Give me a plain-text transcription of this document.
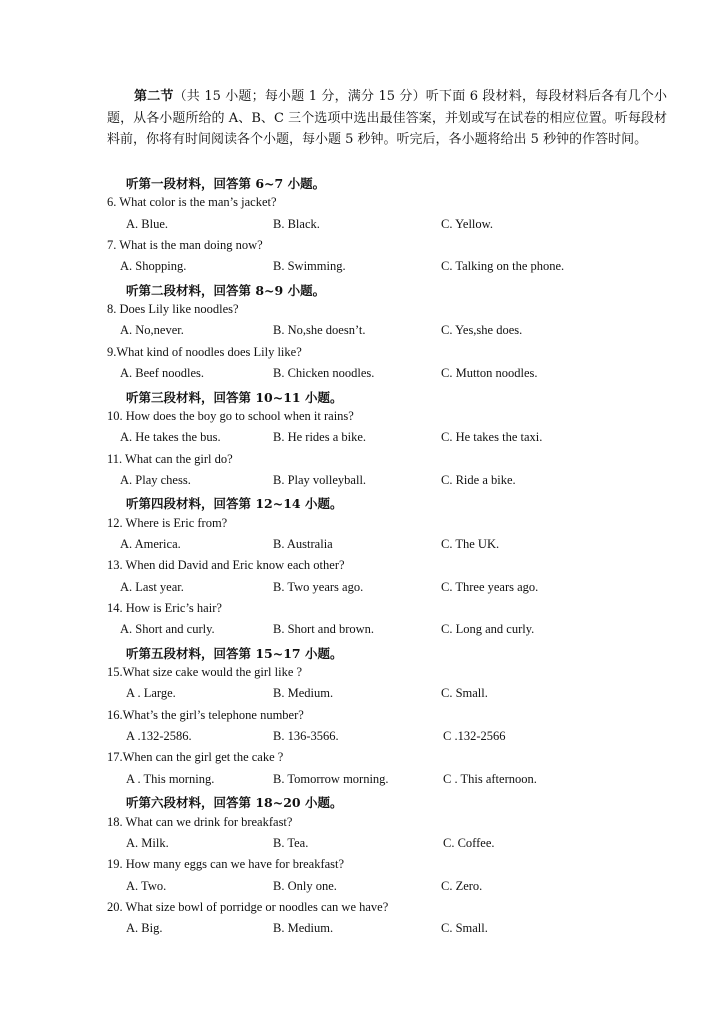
第二节（共 15 小题；每小题 1 分，满分 15 分）听下面 6 段材料，每段材料后各有几个小题，从各小题所给的 A、B、C 三个选项中选出最佳答案，并划或写在试卷的相应位置。听每段材料前，你将有时间阅读各个小题，每小题 5 秒钟。听完后，各小题将给出 5 秒钟的作答时间。

听第一段材料，回答第 6~7 小题。
6. What color is the man’s jacket?
A. Blue.	B. Black.	C. Yellow.
7. What is the man doing now?
A. Shopping.	B. Swimming.	C. Talking on the phone.
听第二段材料，回答第 8~9 小题。
8. Does Lily like noodles?
A. No,never.	B. No,she doesn’t.	C. Yes,she does.
9.What kind of noodles does Lily like?
A. Beef noodles.	B. Chicken noodles.	C. Mutton noodles.
听第三段材料，回答第 10~11 小题。
10. How does the boy go to school when it rains?
A. He takes the bus.	B. He rides a bike.	C. He takes the taxi.
11. What can the girl do?
A. Play chess.	B. Play volleyball.	C. Ride a bike.
听第四段材料，回答第 12~14 小题。
12. Where is Eric from?
A. America.	B. Australia	C. The UK.
13. When did David and Eric know each other?
A. Last year.	B. Two years ago.	C. Three years ago.
14. How is Eric’s hair?
A. Short and curly.	B. Short and brown.	C. Long and curly.
听第五段材料，回答第 15~17 小题。
15.What size cake would the girl like ?
A . Large.	B. Medium.	C. Small.
16.What’s the girl’s telephone number?
A .132-2586.	B. 136-3566.	C .132-2566
17.When can the girl get the cake ?
A . This morning.	B. Tomorrow morning.	C . This afternoon.
听第六段材料，回答第 18~20 小题。
18. What can we drink for breakfast?
A. Milk.	B. Tea.	C. Coffee.
19. How many eggs can we have for breakfast?
A. Two.	B. Only one.	C. Zero.
20. What size bowl of porridge or noodles can we have?
A. Big.	B. Medium.	C. Small.
